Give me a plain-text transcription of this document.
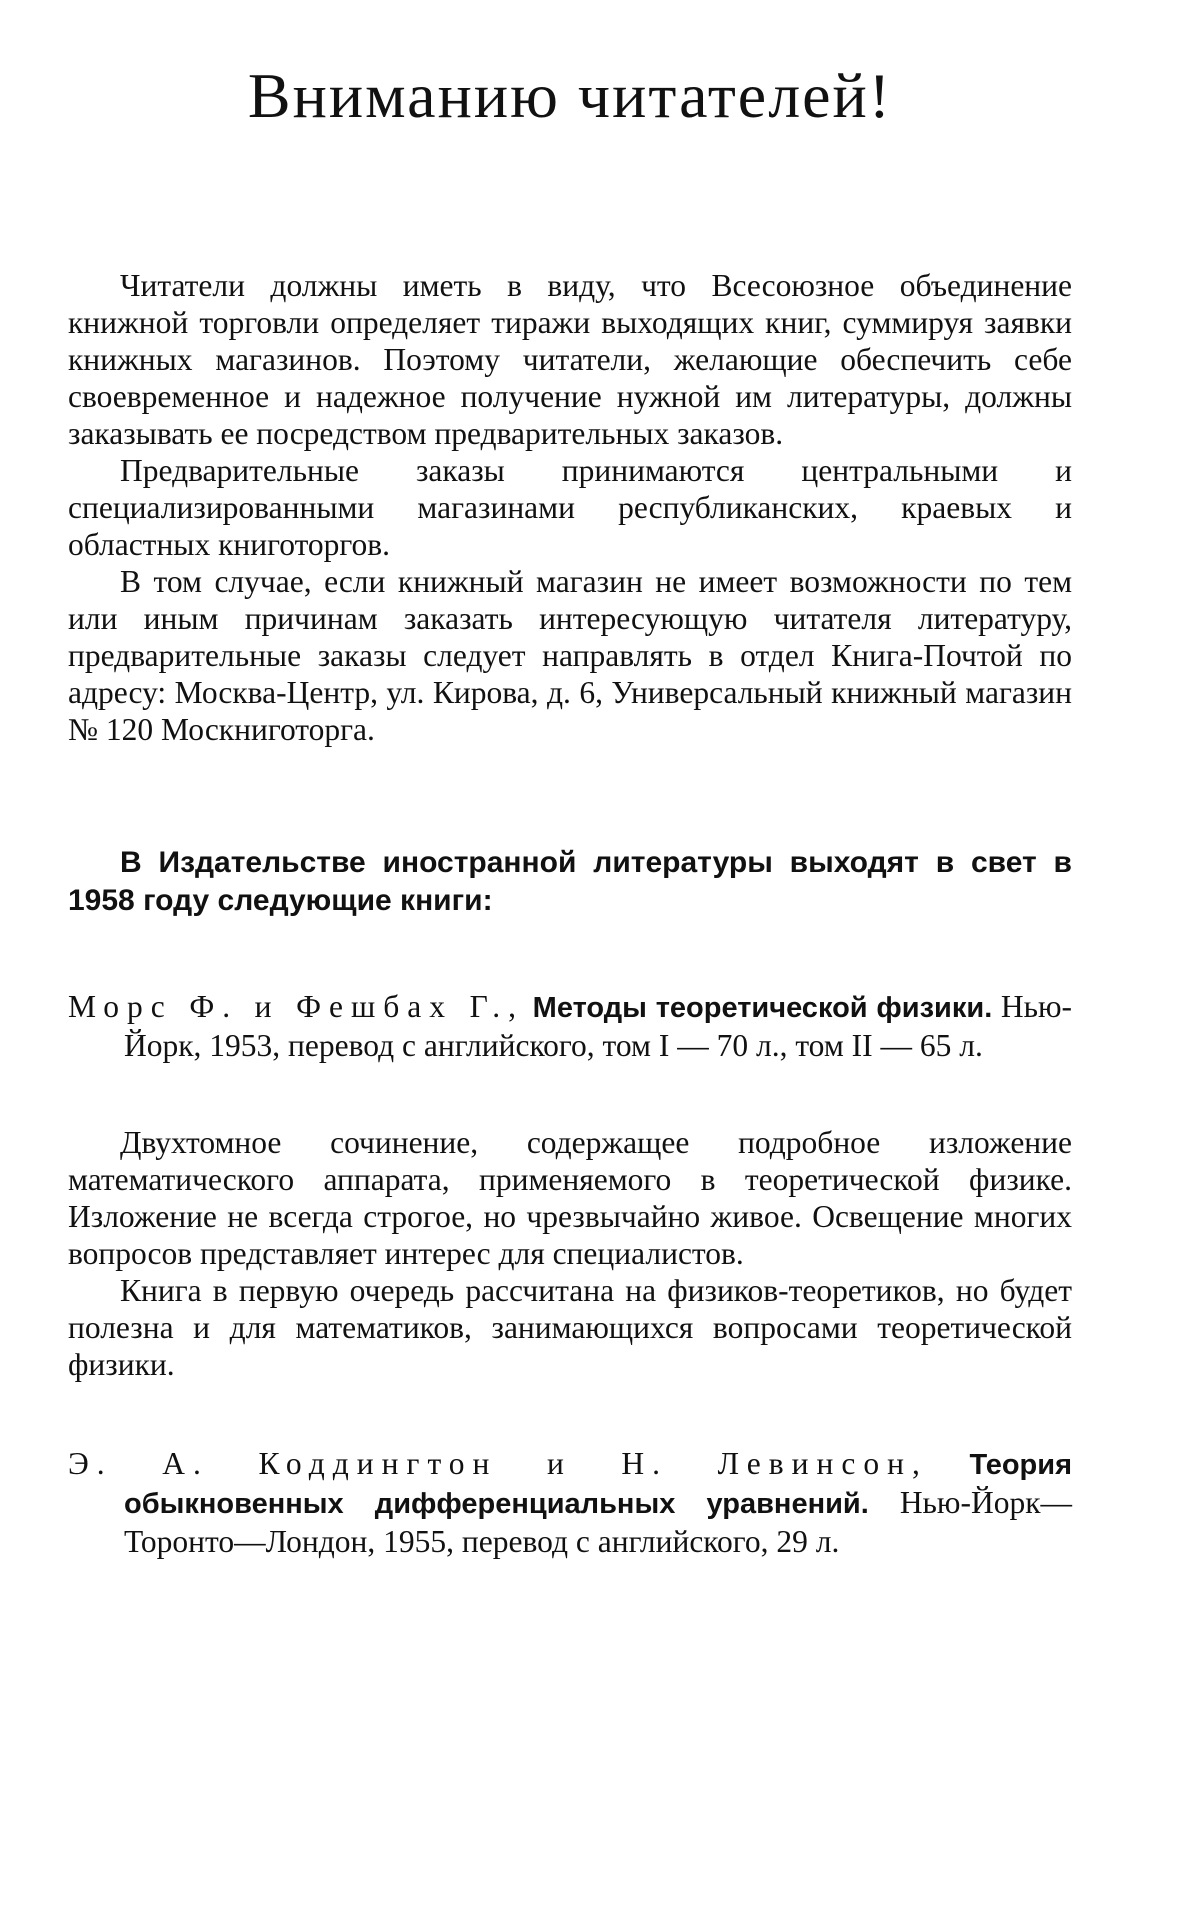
Вниманию читателей!

Читатели должны иметь в виду, что Всесоюзное объединение книжной торговли определяет тиражи выходящих книг, суммируя заявки книжных магазинов. Поэтому читатели, желающие обеспечить себе своевременное и надежное получение нужной им литературы, должны заказывать ее посредством предварительных заказов.

Предварительные заказы принимаются центральными и специализированными магазинами республиканских, краевых и областных книготоргов.

В том случае, если книжный магазин не имеет возможности по тем или иным причинам заказать интересующую читателя литературу, предварительные заказы следует направлять в отдел Книга-Почтой по адресу: Москва-Центр, ул. Кирова, д. 6, Универсальный книжный магазин № 120 Москниготорга.

В Издательстве иностранной литературы выходят в свет в 1958 году следующие книги:

Морс Ф. и Фешбах Г., Методы теоретической физики. Нью-Йорк, 1953, перевод с английского, том I — 70 л., том II — 65 л.

Двухтомное сочинение, содержащее подробное изложение математического аппарата, применяемого в теоретической физике. Изложение не всегда строгое, но чрезвычайно живое. Освещение многих вопросов представляет интерес для специалистов.

Книга в первую очередь рассчитана на физиков-теоретиков, но будет полезна и для математиков, занимающихся вопросами теоретической физики.

Э. А. Коддингтон и Н. Левинсон, Теория обыкновенных дифференциальных уравнений. Нью-Йорк—Торонто—Лондон, 1955, перевод с английского, 29 л.
